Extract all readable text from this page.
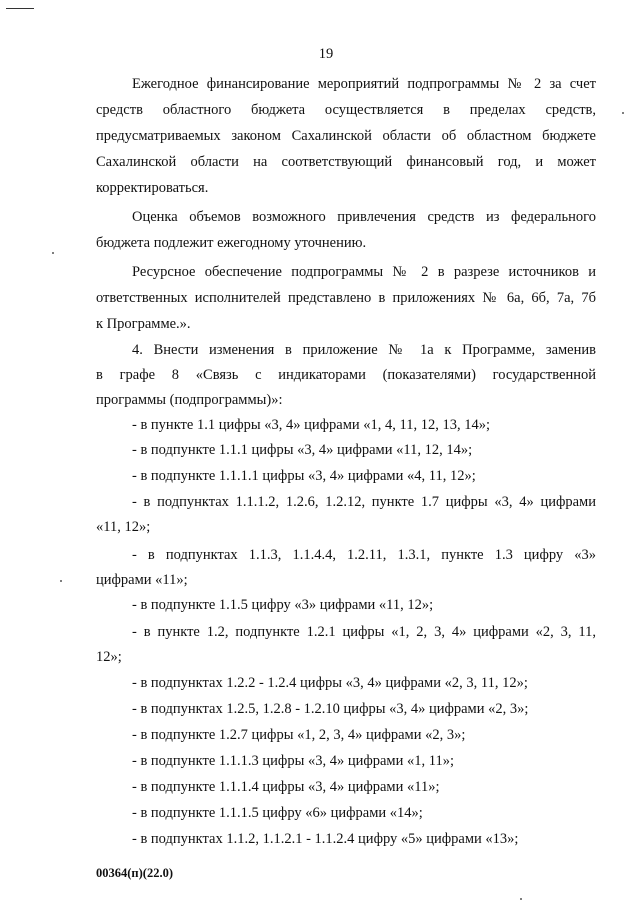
19
Ежегодное финансирование мероприятий подпрограммы № 2 за счет
средств областного бюджета осуществляется в пределах средств,
предусматриваемых законом Сахалинской области об областном бюджете
Сахалинской области на соответствующий финансовый год, и может
корректироваться.
Оценка объемов возможного привлечения средств из федерального
бюджета подлежит ежегодному уточнению.
Ресурсное обеспечение подпрограммы № 2 в разрезе источников и
ответственных исполнителей представлено в приложениях № 6а, 6б, 7а, 7б
к Программе.».
4. Внести изменения в приложение № 1а к Программе, заменив
в графе 8 «Связь с индикаторами (показателями) государственной
программы (подпрограммы)»:
- в пункте 1.1 цифры «3, 4» цифрами «1, 4, 11, 12, 13, 14»;
- в подпункте 1.1.1 цифры «3, 4» цифрами «11, 12, 14»;
- в подпункте 1.1.1.1 цифры «3, 4» цифрами «4, 11, 12»;
- в подпунктах 1.1.1.2, 1.2.6, 1.2.12, пункте 1.7 цифры «3, 4» цифрами
«11, 12»;
- в подпунктах 1.1.3, 1.1.4.4, 1.2.11, 1.3.1, пункте 1.3 цифру «3»
цифрами «11»;
- в подпункте 1.1.5 цифру «3» цифрами «11, 12»;
- в пункте 1.2, подпункте 1.2.1 цифры «1, 2, 3, 4» цифрами «2, 3, 11,
12»;
- в подпунктах 1.2.2 - 1.2.4 цифры «3, 4» цифрами «2, 3, 11, 12»;
- в подпунктах 1.2.5, 1.2.8 - 1.2.10 цифры «3, 4» цифрами «2, 3»;
- в подпункте 1.2.7 цифры «1, 2, 3, 4» цифрами «2, 3»;
- в подпункте 1.1.1.3 цифры «3, 4» цифрами «1, 11»;
- в подпункте 1.1.1.4 цифры «3, 4» цифрами «11»;
- в подпункте 1.1.1.5 цифру «6» цифрами «14»;
- в подпунктах 1.1.2, 1.1.2.1 - 1.1.2.4 цифру «5» цифрами «13»;
00364(п)(22.0)
